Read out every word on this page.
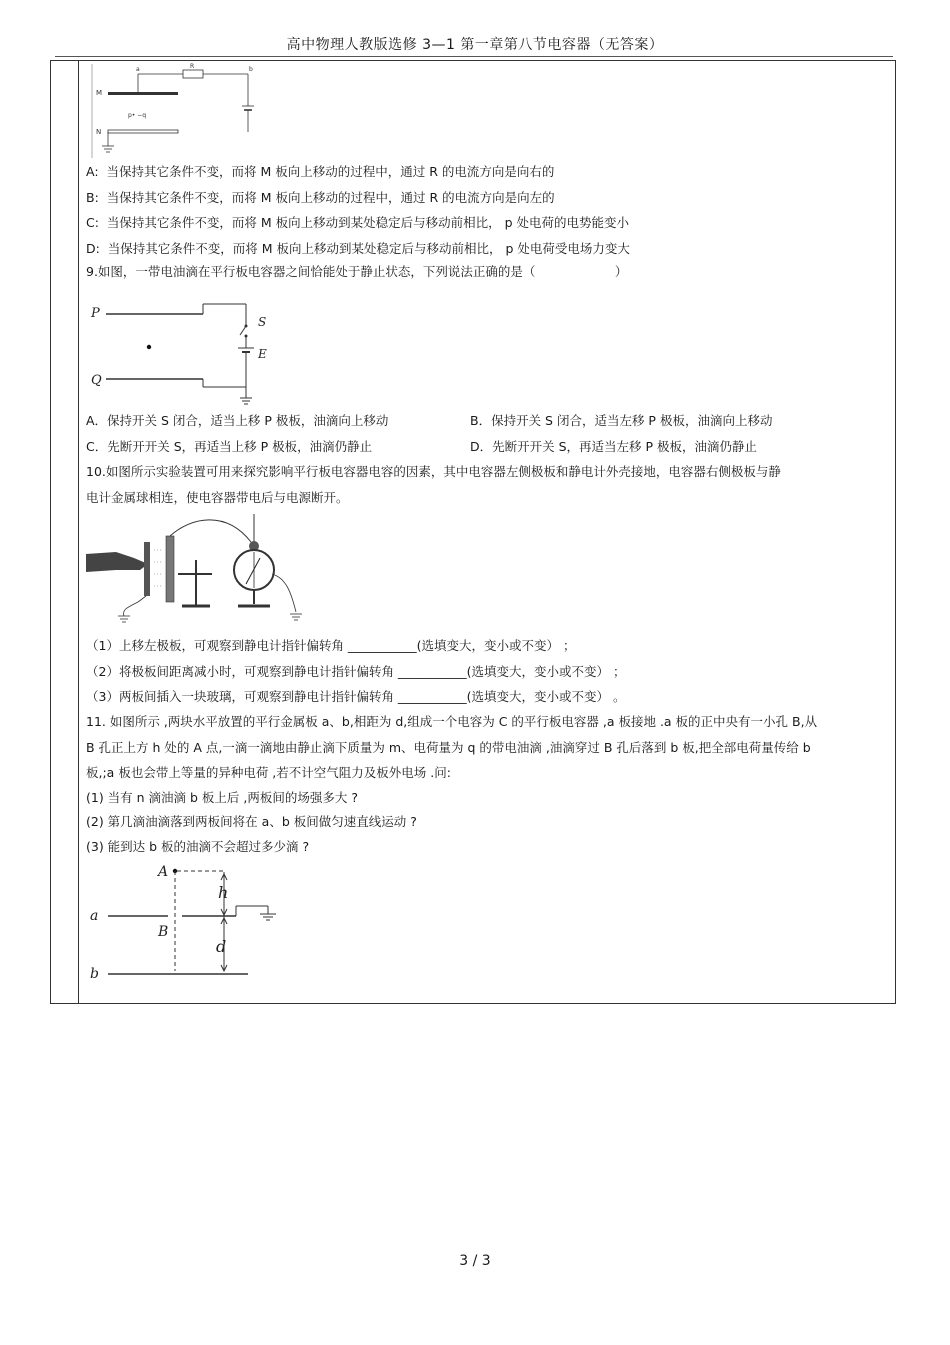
高中物理人教版选修 3—1 第一章第八节电容器（无答案）
a	R	b
M
N
p• −q
A:  当保持其它条件不变，而将 M 板向上移动的过程中，通过 R 的电流方向是向右的
B:  当保持其它条件不变，而将 M 板向上移动的过程中，通过 R 的电流方向是向左的
C:  当保持其它条件不变，而将 M 板向上移动到某处稳定后与移动前相比， p 处电荷的电势能变小
D:  当保持其它条件不变，而将 M 板向上移动到某处稳定后与移动前相比， p 处电荷受电场力变大
9.如图，一带电油滴在平行板电容器之间恰能处于静止状态，下列说法正确的是（                    ）
P
Q
S
E
A．保持开关 S 闭合，适当上移 P 极板，油滴向上移动	B．保持开关 S 闭合，适当左移 P 极板，油滴向上移动
C．先断开开关 S，再适当上移 P 极板，油滴仍静止	D．先断开开关 S，再适当左移 P 极板，油滴仍静止
10.如图所示实验装置可用来探究影响平行板电容器电容的因素，其中电容器左侧极板和静电计外壳接地，电容器右侧极板与静
电计金属球相连，使电容器带电后与电源断开。
（1）上移左极板，可观察到静电计指针偏转角 ___________(选填变大，变小或不变） ；
（2）将极板间距离减小时，可观察到静电计指针偏转角 ___________(选填变大，变小或不变） ；
（3）两板间插入一块玻璃，可观察到静电计指针偏转角 ___________(选填变大，变小或不变） 。
11. 如图所示 ,两块水平放置的平行金属板 a、b,相距为 d,组成一个电容为 C 的平行板电容器 ,a 板接地 .a 板的正中央有一小孔 B,从
B 孔正上方 h 处的 A 点,一滴一滴地由静止滴下质量为 m、电荷量为 q 的带电油滴 ,油滴穿过 B 孔后落到 b 板,把全部电荷量传给 b
板,;a 板也会带上等量的异种电荷 ,若不计空气阻力及板外电场 .问:
(1) 当有 n 滴油滴 b 板上后 ,两板间的场强多大 ?
(2) 第几滴油滴落到两板间将在 a、b 板间做匀速直线运动 ?
(3) 能到达 b 板的油滴不会超过多少滴 ?
A
h
a
B
d
b
3 / 3
